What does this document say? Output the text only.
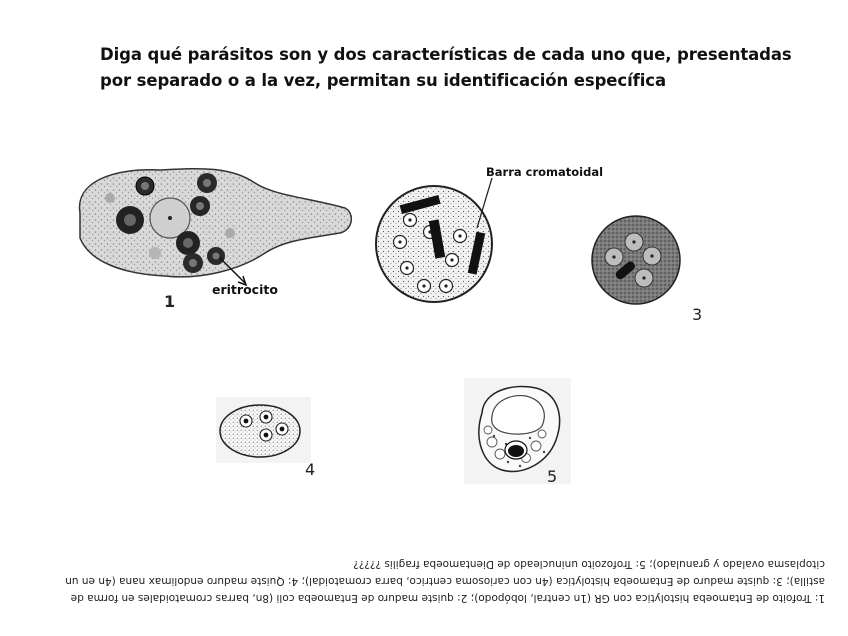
Diga qué parásitos son y dos características de cada uno que, presentadas
por separado o a la vez, permitan su identificación específica
eritrocito
1
Barra cromatoidal
3
4	5
1: Trofoito de Entamoeba histolytica con GR (1n central, lobópodo); 2: quiste maduro de Entamoeba coli (8n, barras cromatoidales en forma de
astilla); 3: quiste maduro de Entamoeba histolytica (4n con cariosoma centrico, barra cromatoidal); 4: Quiste maduro endolimax nana (4n en un
citoplasma ovalado y granulado); 5: Trofozoito uninucleado de Dientamoeba fragilis ?????
